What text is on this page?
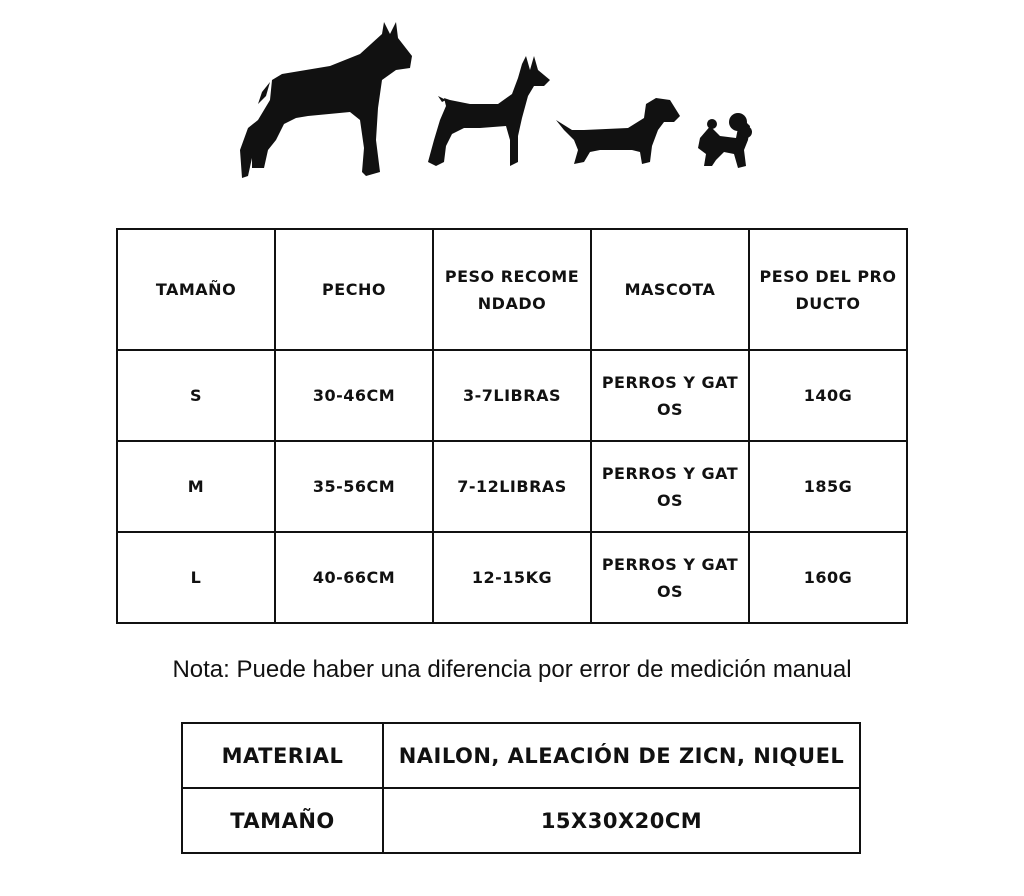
TAMAÑO	PECHO	PESO RECOMENDADO	MASCOTA	PESO DEL PRODUCTO
S	30-46CM	3-7LIBRAS	PERROS Y GATOS	140G
M	35-56CM	7-12LIBRAS	PERROS Y GATOS	185G
L	40-66CM	12-15KG	PERROS Y GATOS	160G
Nota: Puede haber una diferencia por error de medición manual
MATERIAL	NAILON, ALEACIÓN DE ZICN, NIQUEL
TAMAÑO	15X30X20CM
